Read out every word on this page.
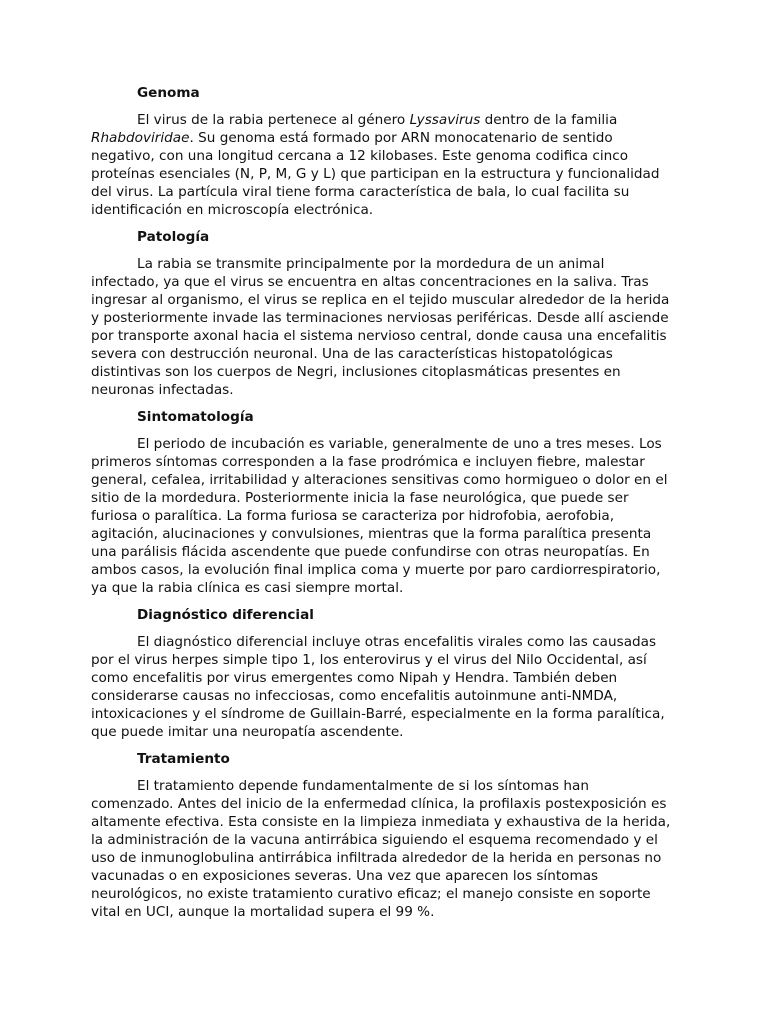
Genoma

El virus de la rabia pertenece al género Lyssavirus dentro de la familia Rhabdoviridae. Su genoma está formado por ARN monocatenario de sentido negativo, con una longitud cercana a 12 kilobases. Este genoma codifica cinco proteínas esenciales (N, P, M, G y L) que participan en la estructura y funcionalidad del virus. La partícula viral tiene forma característica de bala, lo cual facilita su identificación en microscopía electrónica.

Patología

La rabia se transmite principalmente por la mordedura de un animal infectado, ya que el virus se encuentra en altas concentraciones en la saliva. Tras ingresar al organismo, el virus se replica en el tejido muscular alrededor de la herida y posteriormente invade las terminaciones nerviosas periféricas. Desde allí asciende por transporte axonal hacia el sistema nervioso central, donde causa una encefalitis severa con destrucción neuronal. Una de las características histopatológicas distintivas son los cuerpos de Negri, inclusiones citoplasmáticas presentes en neuronas infectadas.

Sintomatología

El periodo de incubación es variable, generalmente de uno a tres meses. Los primeros síntomas corresponden a la fase prodrómica e incluyen fiebre, malestar general, cefalea, irritabilidad y alteraciones sensitivas como hormigueo o dolor en el sitio de la mordedura. Posteriormente inicia la fase neurológica, que puede ser furiosa o paralítica. La forma furiosa se caracteriza por hidrofobia, aerofobia, agitación, alucinaciones y convulsiones, mientras que la forma paralítica presenta una parálisis flácida ascendente que puede confundirse con otras neuropatías. En ambos casos, la evolución final implica coma y muerte por paro cardiorrespiratorio, ya que la rabia clínica es casi siempre mortal.

Diagnóstico diferencial

El diagnóstico diferencial incluye otras encefalitis virales como las causadas por el virus herpes simple tipo 1, los enterovirus y el virus del Nilo Occidental, así como encefalitis por virus emergentes como Nipah y Hendra. También deben considerarse causas no infecciosas, como encefalitis autoinmune anti-NMDA, intoxicaciones y el síndrome de Guillain-Barré, especialmente en la forma paralítica, que puede imitar una neuropatía ascendente.

Tratamiento

El tratamiento depende fundamentalmente de si los síntomas han comenzado. Antes del inicio de la enfermedad clínica, la profilaxis postexposición es altamente efectiva. Esta consiste en la limpieza inmediata y exhaustiva de la herida, la administración de la vacuna antirrábica siguiendo el esquema recomendado y el uso de inmunoglobulina antirrábica infiltrada alrededor de la herida en personas no vacunadas o en exposiciones severas. Una vez que aparecen los síntomas neurológicos, no existe tratamiento curativo eficaz; el manejo consiste en soporte vital en UCI, aunque la mortalidad supera el 99 %.
